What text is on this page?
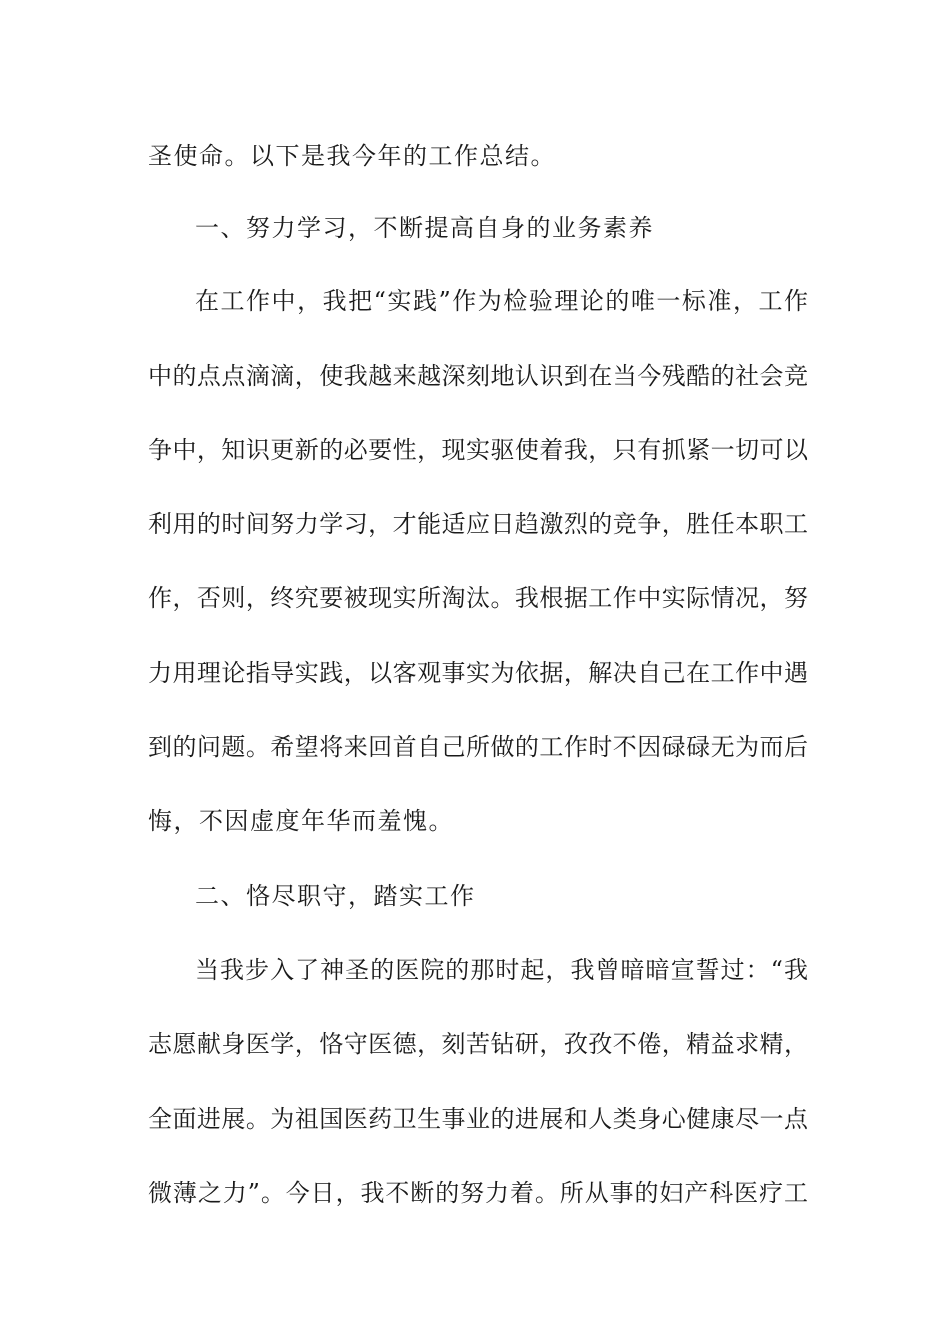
圣使命。以下是我今年的工作总结。
一、努力学习，不断提高自身的业务素养
在工作中，我把“实践”作为检验理论的唯一标准，工作
中的点点滴滴，使我越来越深刻地认识到在当今残酷的社会竞
争中，知识更新的必要性，现实驱使着我，只有抓紧一切可以
利用的时间努力学习，才能适应日趋激烈的竞争，胜任本职工
作，否则，终究要被现实所淘汰。我根据工作中实际情况，努
力用理论指导实践，以客观事实为依据，解决自己在工作中遇
到的问题。希望将来回首自己所做的工作时不因碌碌无为而后
悔，不因虚度年华而羞愧。
二、恪尽职守，踏实工作
当我步入了神圣的医院的那时起，我曾暗暗宣誓过：“我
志愿献身医学，恪守医德，刻苦钻研，孜孜不倦，精益求精，
全面进展。为祖国医药卫生事业的进展和人类身心健康尽一点
微薄之力”。今日，我不断的努力着。所从事的妇产科医疗工
